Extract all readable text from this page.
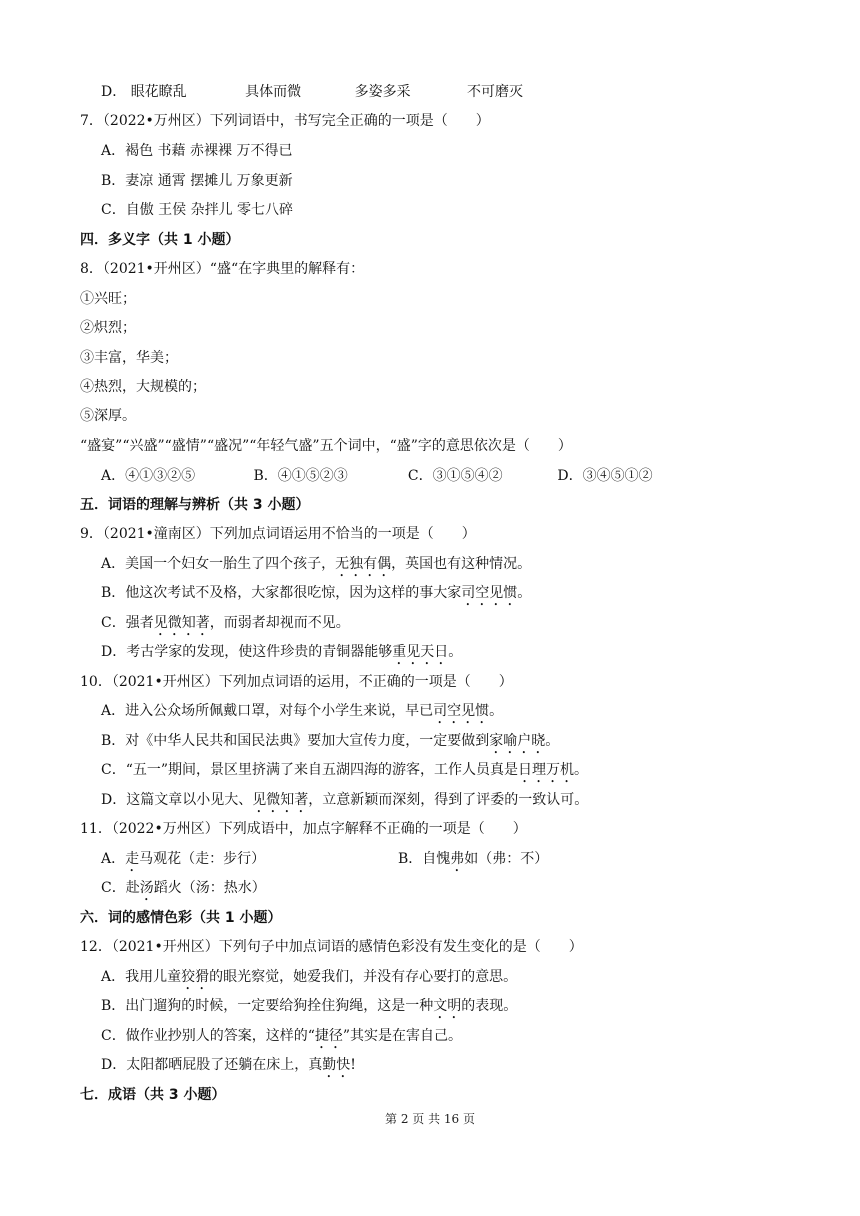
D． 眼花瞭乱	具体而微	多姿多采	不可磨灭
7．（2022•万州区）下列词语中，书写完全正确的一项是（　　）
A．褐色 书藉 赤裸裸 万不得已
B．妻凉 通霄 摆摊儿 万象更新
C．自傲 王侯 杂拌儿 零七八碎
四．多义字（共 1 小题）
8．（2021•开州区）“盛“在字典里的解释有：
①兴旺；
②炽烈；
③丰富，华美；
④热烈，大规模的；
⑤深厚。
“盛宴”“兴盛”“盛情”“盛况”“年轻气盛”五个词中，“盛”字的意思依次是（　　）
A．④①③②⑤	B．④①⑤②③	C．③①⑤④②	D．③④⑤①②
五．词语的理解与辨析（共 3 小题）
9．（2021•潼南区）下列加点词语运用不恰当的一项是（　　）
A．美国一个妇女一胎生了四个孩子，无独有偶，英国也有这种情况。
B．他这次考试不及格，大家都很吃惊，因为这样的事大家司空见惯。
C．强者见微知著，而弱者却视而不见。
D．考古学家的发现，使这件珍贵的青铜器能够重见天日。
10．（2021•开州区）下列加点词语的运用，不正确的一项是（　　）
A．进入公众场所佩戴口罩，对每个小学生来说，早已司空见惯。
B．对《中华人民共和国民法典》要加大宣传力度，一定要做到家喻户晓。
C．“五一”期间，景区里挤满了来自五湖四海的游客，工作人员真是日理万机。
D．这篇文章以小见大、见微知著，立意新颖而深刻，得到了评委的一致认可。
11．（2022•万州区）下列成语中，加点字解释不正确的一项是（　　）
A．走马观花（走：步行）	B．自愧弗如（弗：不）
C．赴汤蹈火（汤：热水）
六．词的感情色彩（共 1 小题）
12．（2021•开州区）下列句子中加点词语的感情色彩没有发生变化的是（　　）
A．我用儿童狡猾的眼光察觉，她爱我们，并没有存心要打的意思。
B．出门遛狗的时候，一定要给狗拴住狗绳，这是一种文明的表现。
C．做作业抄别人的答案，这样的“捷径”其实是在害自己。
D．太阳都晒屁股了还躺在床上，真勤快!
七．成语（共 3 小题）
第 2 页 共 16 页
